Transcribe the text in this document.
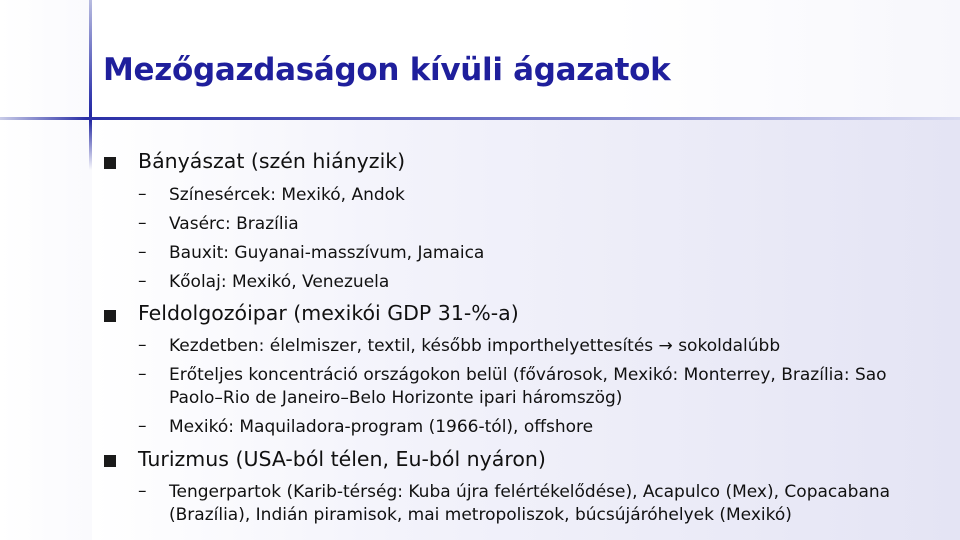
Mezőgazdaságon kívüli ágazatok
Bányászat (szén hiányzik)
– Színesércek: Mexikó, Andok
– Vasérc: Brazília
– Bauxit: Guyanai-masszívum, Jamaica
– Kőolaj: Mexikó, Venezuela
Feldolgozóipar (mexikói GDP 31-%-a)
– Kezdetben: élelmiszer, textil, később importhelyettesítés → sokoldalúbb
– Erőteljes koncentráció országokon belül (fővárosok, Mexikó: Monterrey, Brazília: Sao Paolo–Rio de Janeiro–Belo Horizonte ipari háromszög)
– Mexikó: Maquiladora-program (1966-tól), offshore
Turizmus (USA-ból télen, Eu-ból nyáron)
– Tengerpartok (Karib-térség: Kuba újra felértékelődése), Acapulco (Mex), Copacabana (Brazília), Indián piramisok, mai metropoliszok, búcsújáróhelyek (Mexikó)
